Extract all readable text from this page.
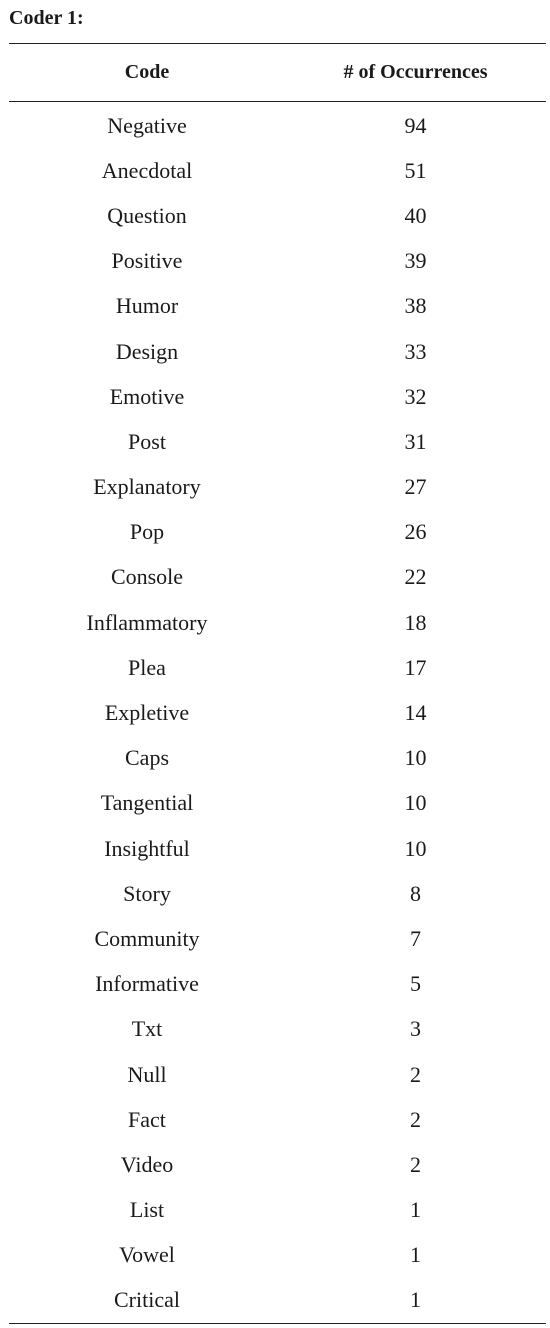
Coder 1:
Code	# of Occurrences
Negative	94
Anecdotal	51
Question	40
Positive	39
Humor	38
Design	33
Emotive	32
Post	31
Explanatory	27
Pop	26
Console	22
Inflammatory	18
Plea	17
Expletive	14
Caps	10
Tangential	10
Insightful	10
Story	8
Community	7
Informative	5
Txt	3
Null	2
Fact	2
Video	2
List	1
Vowel	1
Critical	1
